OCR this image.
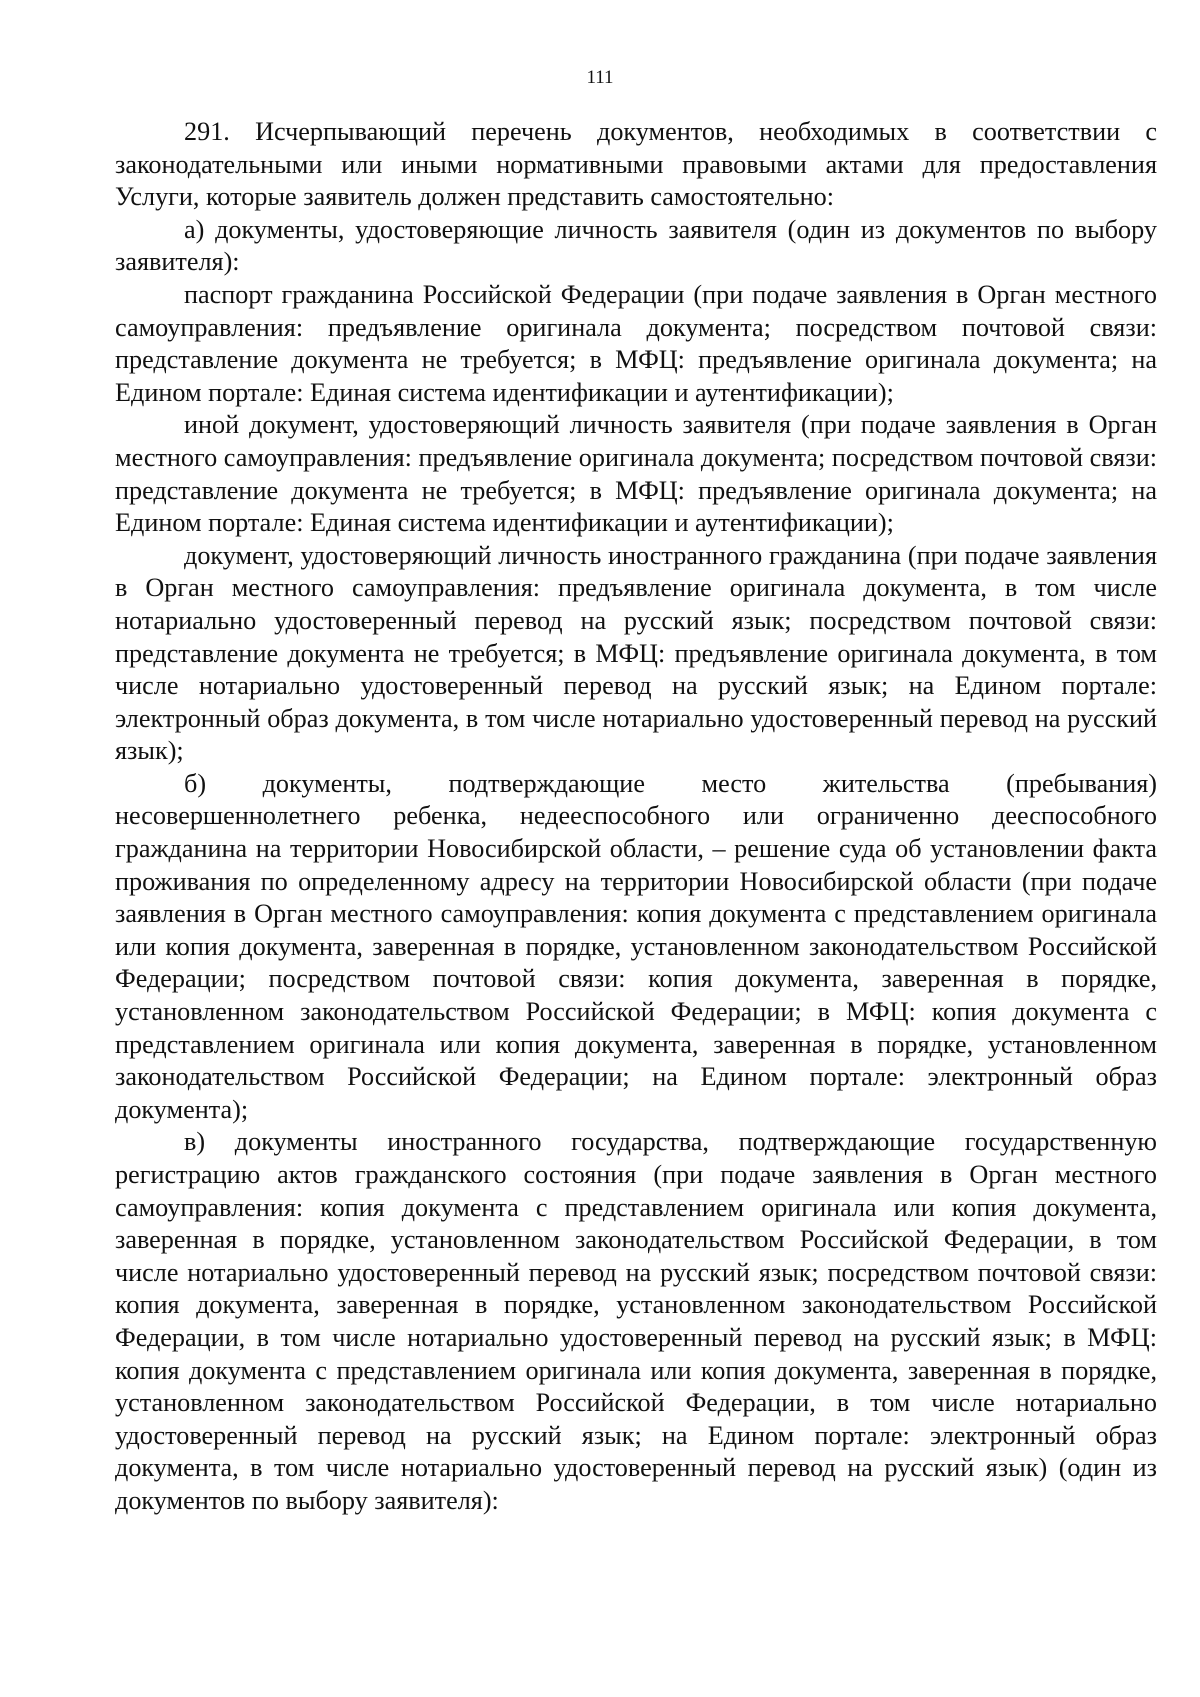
111

291. Исчерпывающий перечень документов, необходимых в соответствии с законодательными или иными нормативными правовыми актами для предоставления Услуги, которые заявитель должен представить самостоятельно:

а) документы, удостоверяющие личность заявителя (один из документов по выбору заявителя):

паспорт гражданина Российской Федерации (при подаче заявления в Орган местного самоуправления: предъявление оригинала документа; посредством почтовой связи: представление документа не требуется; в МФЦ: предъявление оригинала документа; на Едином портале: Единая система идентификации и аутентификации);

иной документ, удостоверяющий личность заявителя (при подаче заявления в Орган местного самоуправления: предъявление оригинала документа; посредством почтовой связи: представление документа не требуется; в МФЦ: предъявление оригинала документа; на Едином портале: Единая система идентификации и аутентификации);

документ, удостоверяющий личность иностранного гражданина (при подаче заявления в Орган местного самоуправления: предъявление оригинала документа, в том числе нотариально удостоверенный перевод на русский язык; посредством почтовой связи: представление документа не требуется; в МФЦ: предъявление оригинала документа, в том числе нотариально удостоверенный перевод на русский язык; на Едином портале: электронный образ документа, в том числе нотариально удостоверенный перевод на русский язык);

б) документы, подтверждающие место жительства (пребывания) несовершеннолетнего ребенка, недееспособного или ограниченно дееспособного гражданина на территории Новосибирской области, – решение суда об установлении факта проживания по определенному адресу на территории Новосибирской области (при подаче заявления в Орган местного самоуправления: копия документа с представлением оригинала или копия документа, заверенная в порядке, установленном законодательством Российской Федерации; посредством почтовой связи: копия документа, заверенная в порядке, установленном законодательством Российской Федерации; в МФЦ: копия документа с представлением оригинала или копия документа, заверенная в порядке, установленном законодательством Российской Федерации; на Едином портале: электронный образ документа);

в) документы иностранного государства, подтверждающие государственную регистрацию актов гражданского состояния (при подаче заявления в Орган местного самоуправления: копия документа с представлением оригинала или копия документа, заверенная в порядке, установленном законодательством Российской Федерации, в том числе нотариально удостоверенный перевод на русский язык; посредством почтовой связи: копия документа, заверенная в порядке, установленном законодательством Российской Федерации, в том числе нотариально удостоверенный перевод на русский язык; в МФЦ: копия документа с представлением оригинала или копия документа, заверенная в порядке, установленном законодательством Российской Федерации, в том числе нотариально удостоверенный перевод на русский язык; на Едином портале: электронный образ документа, в том числе нотариально удостоверенный перевод на русский язык) (один из документов по выбору заявителя):
